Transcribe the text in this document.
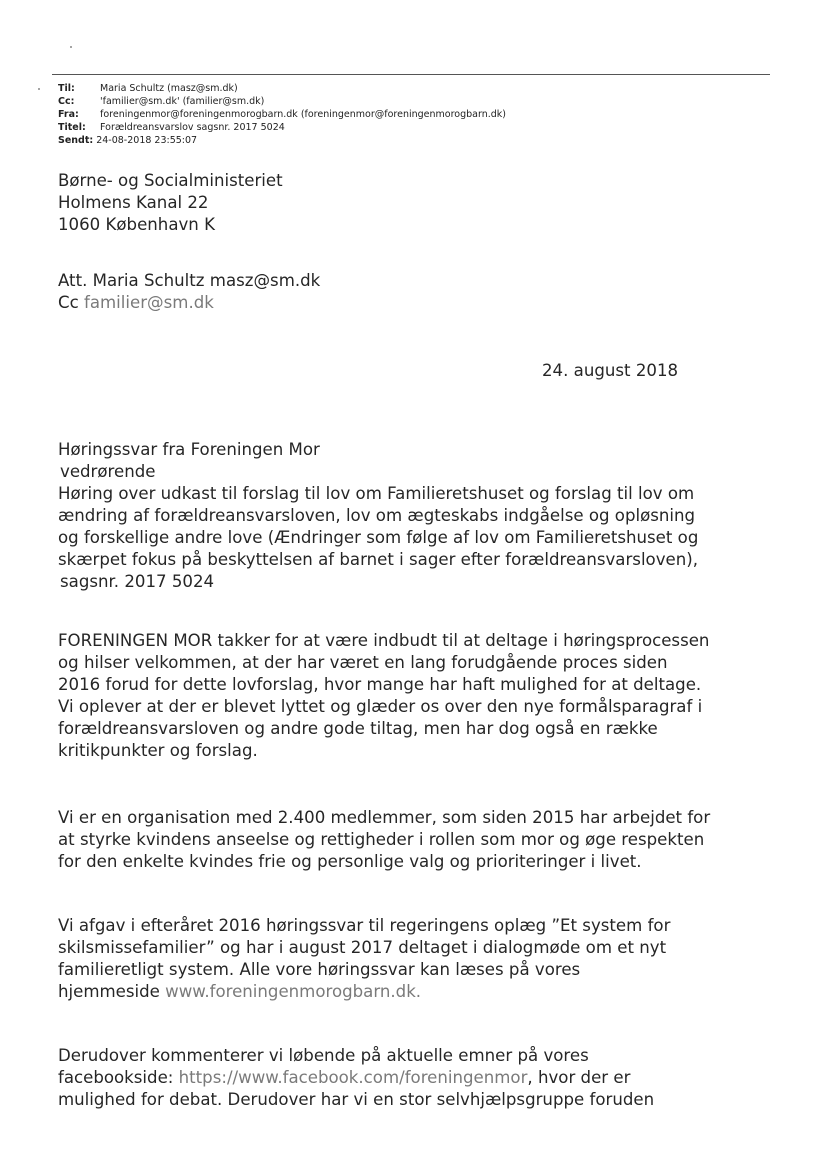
Til:	Maria Schultz (masz@sm.dk)
Cc:	'familier@sm.dk' (familier@sm.dk)
Fra:	foreningenmor@foreningenmorogbarn.dk (foreningenmor@foreningenmorogbarn.dk)
Titel:	Forældreansvarslov sagsnr. 2017 5024
Sendt: 24-08-2018 23:55:07
Børne- og Socialministeriet
Holmens Kanal 22
1060 København K
Att. Maria Schultz masz@sm.dk
Cc familier@sm.dk
24. august 2018
Høringssvar fra Foreningen Mor
vedrørende
Høring over udkast til forslag til lov om Familieretshuset og forslag til lov om
ændring af forældreansvarsloven, lov om ægteskabs indgåelse og opløsning
og forskellige andre love (Ændringer som følge af lov om Familieretshuset og
skærpet fokus på beskyttelsen af barnet i sager efter forældreansvarsloven),
sagsnr. 2017 5024
FORENINGEN MOR takker for at være indbudt til at deltage i høringsprocessen
og hilser velkommen, at der har været en lang forudgående proces siden
2016 forud for dette lovforslag, hvor mange har haft mulighed for at deltage.
Vi oplever at der er blevet lyttet og glæder os over den nye formålsparagraf i
forældreansvarsloven og andre gode tiltag, men har dog også en række
kritikpunkter og forslag.
Vi er en organisation med 2.400 medlemmer, som siden 2015 har arbejdet for
at styrke kvindens anseelse og rettigheder i rollen som mor og øge respekten
for den enkelte kvindes frie og personlige valg og prioriteringer i livet.
Vi afgav i efteråret 2016 høringssvar til regeringens oplæg ”Et system for
skilsmissefamilier” og har i august 2017 deltaget i dialogmøde om et nyt
familieretligt system. Alle vore høringssvar kan læses på vores
hjemmeside www.foreningenmorogbarn.dk.
Derudover kommenterer vi løbende på aktuelle emner på vores
facebookside: https://www.facebook.com/foreningenmor, hvor der er
mulighed for debat. Derudover har vi en stor selvhjælpsgruppe foruden
